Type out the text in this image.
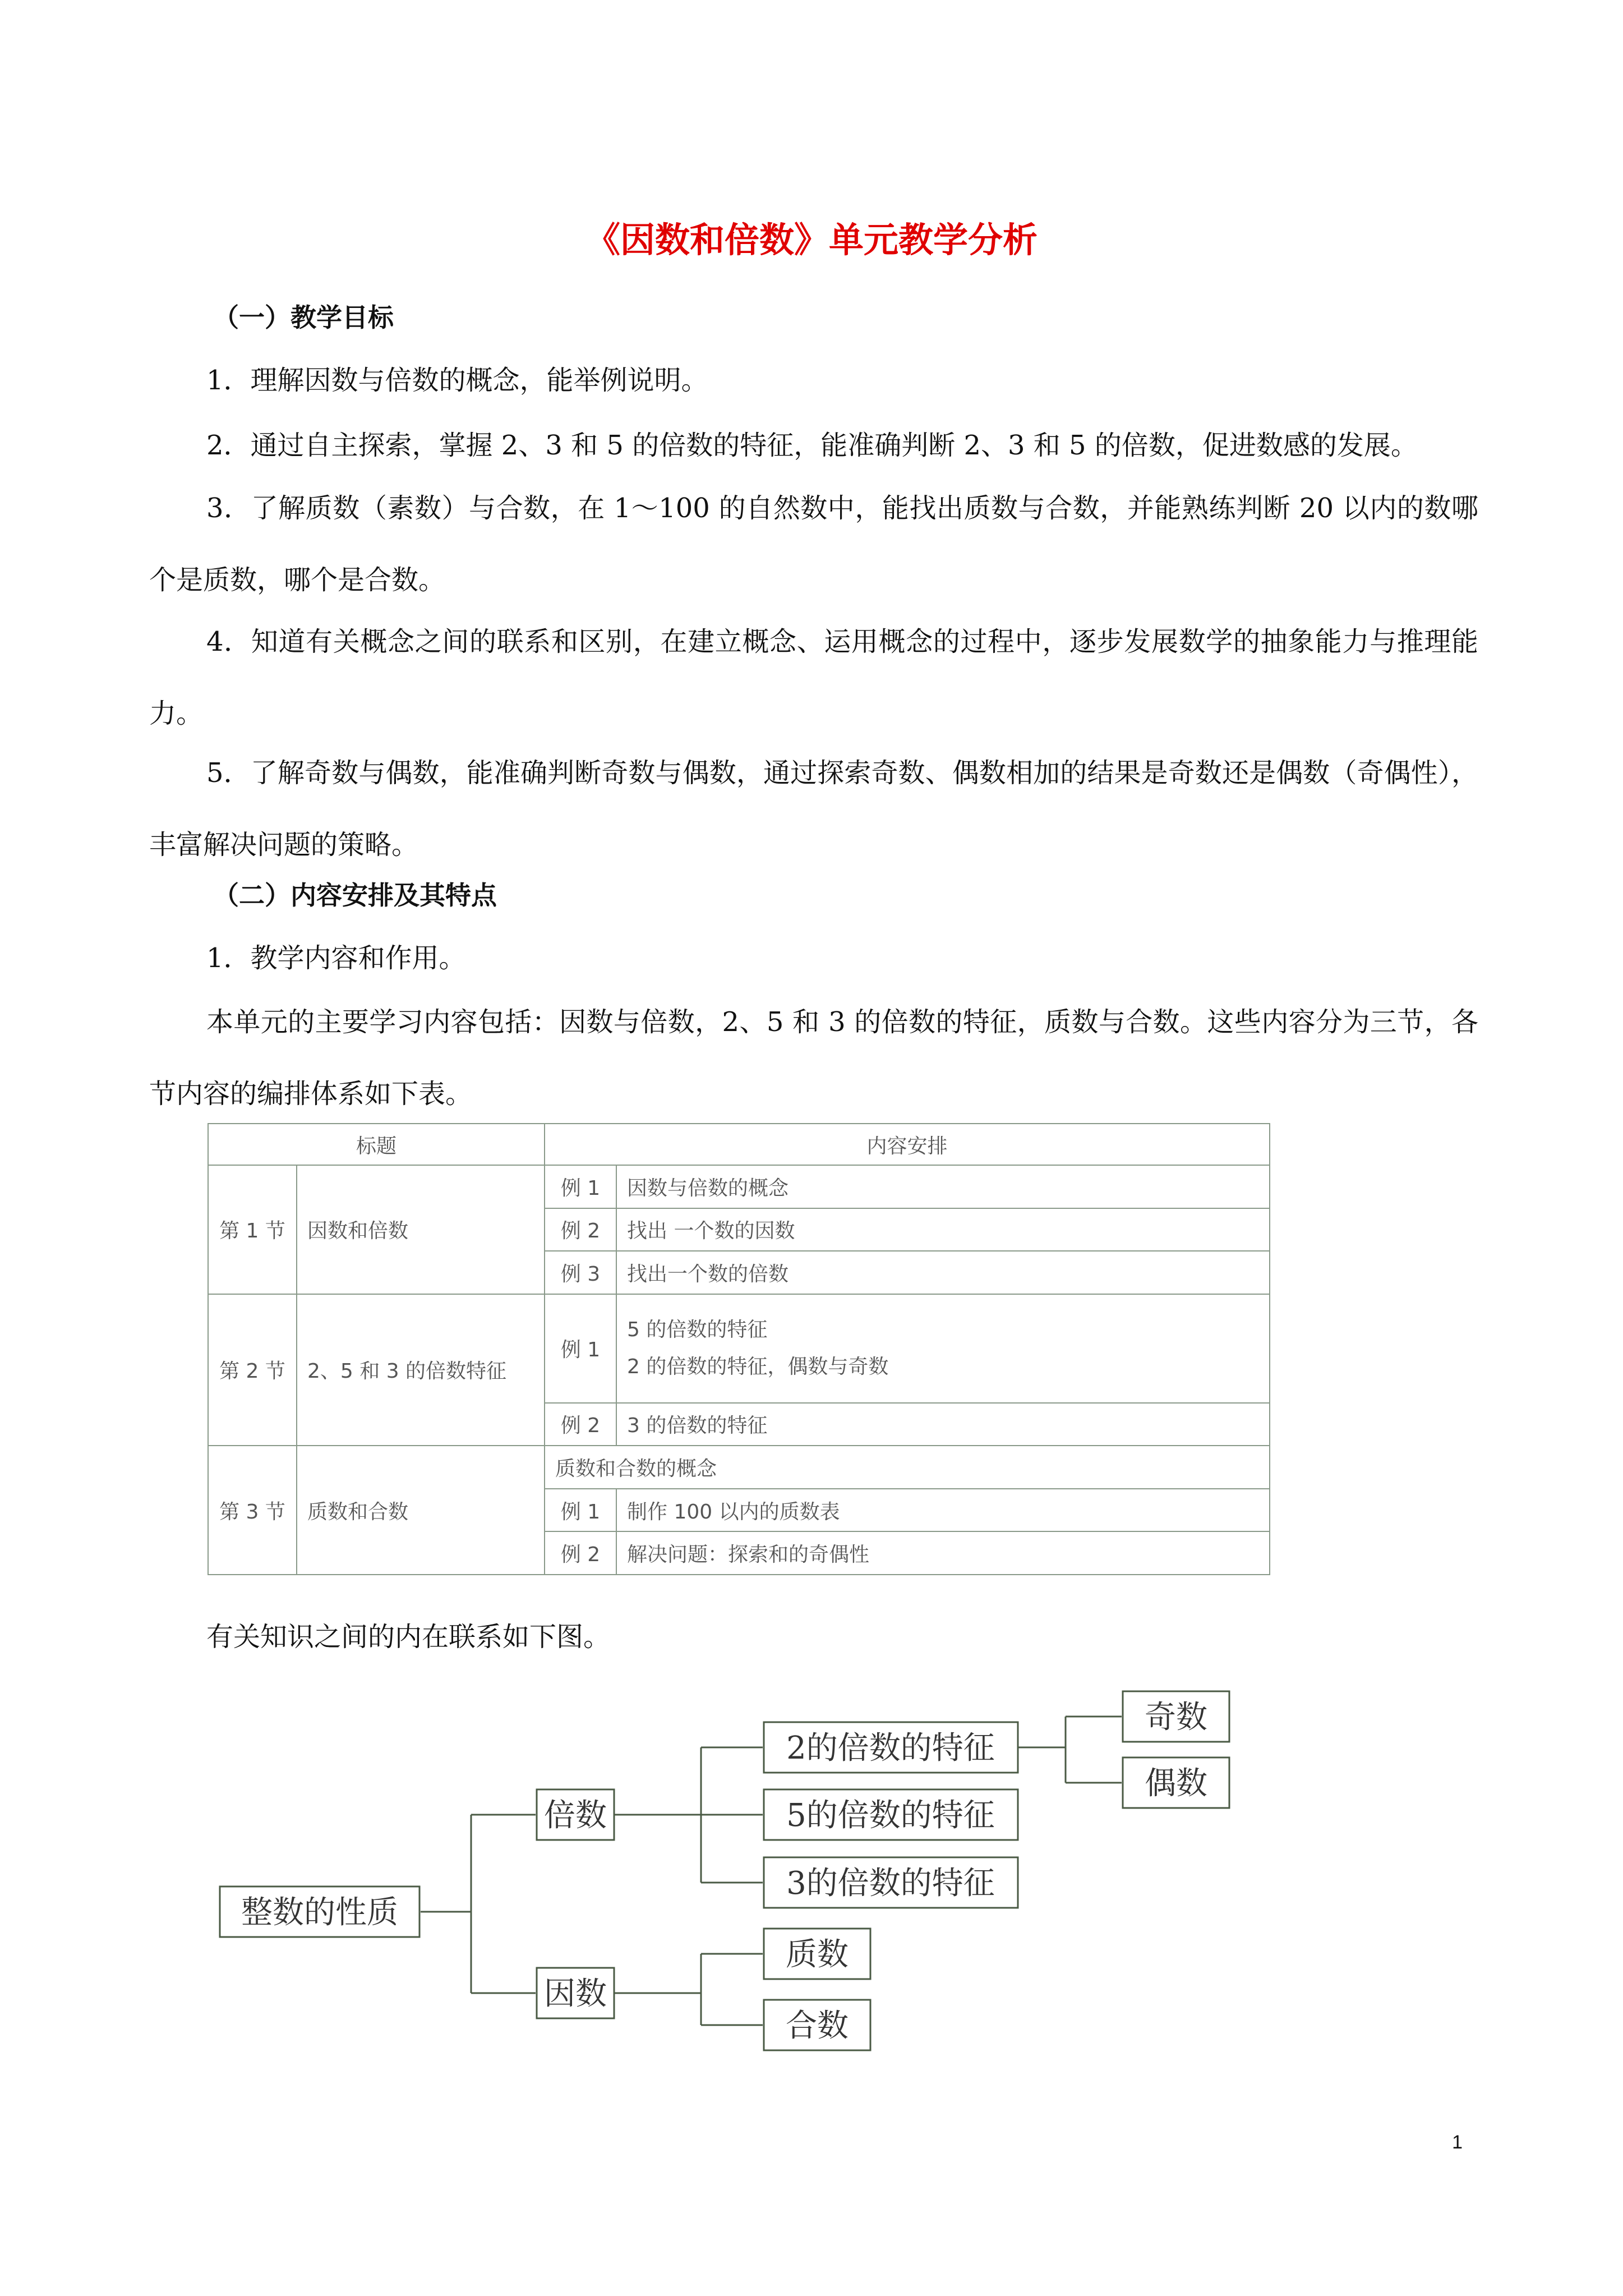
《因数和倍数》单元教学分析
（一）教学目标

1．理解因数与倍数的概念，能举例说明。

2．通过自主探索，掌握 2、3 和 5 的倍数的特征，能准确判断 2、3 和 5 的倍数，促进数感的发展。

3．了解质数（素数）与合数，在 1～100 的自然数中，能找出质数与合数，并能熟练判断 20 以内的数哪个是质数，哪个是合数。

4．知道有关概念之间的联系和区别，在建立概念、运用概念的过程中，逐步发展数学的抽象能力与推理能力。

5．了解奇数与偶数，能准确判断奇数与偶数，通过探索奇数、偶数相加的结果是奇数还是偶数（奇偶性），丰富解决问题的策略。

（二）内容安排及其特点

1．教学内容和作用。

本单元的主要学习内容包括：因数与倍数，2、5 和 3 的倍数的特征，质数与合数。这些内容分为三节，各节内容的编排体系如下表。

标题		内容安排	
第 1 节	因数和倍数	例 1	因数与倍数的概念
		例 2	找出 一个数的因数
		例 3	找出一个数的倍数
第 2 节	2、5 和 3 的倍数特征	例 1	5 的倍数的特征
2 的倍数的特征，偶数与奇数

		例 2	3 的倍数的特征
第 3 节	质数和合数	质数和合数的概念	
		例 1	制作 100 以内的质数表
		例 2	解决问题：探索和的奇偶性

有关知识之间的内在联系如下图。

整数的性质
倍数
因数
2的倍数的特征
5的倍数的特征
3的倍数的特征
奇数
偶数
质数
合数
1
